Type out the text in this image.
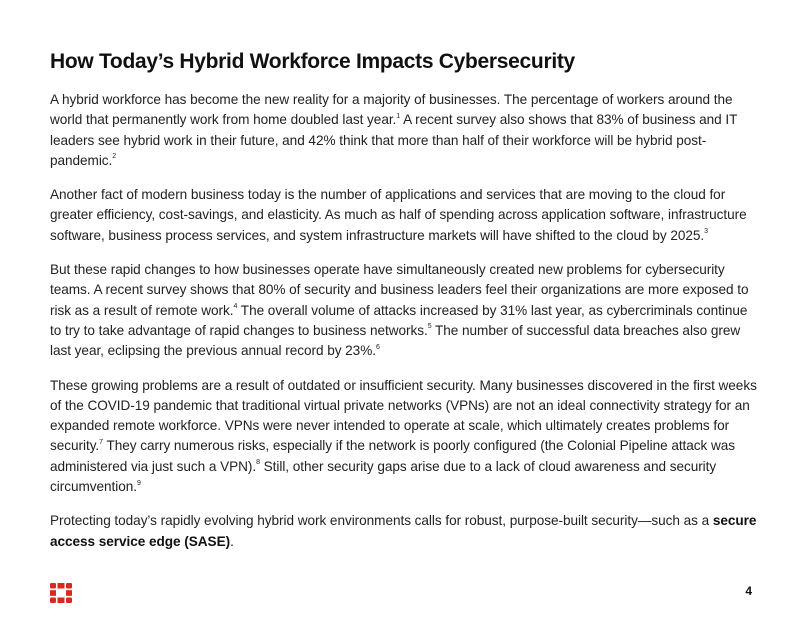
How Today’s Hybrid Workforce Impacts Cybersecurity

A hybrid workforce has become the new reality for a majority of businesses. The percentage of workers around the world that permanently work from home doubled last year.$^1$ A recent survey also shows that 83% of business and IT leaders see hybrid work in their future, and 42% think that more than half of their workforce will be hybrid post-pandemic.$^2$

Another fact of modern business today is the number of applications and services that are moving to the cloud for greater efficiency, cost-savings, and elasticity. As much as half of spending across application software, infrastructure software, business process services, and system infrastructure markets will have shifted to the cloud by 2025.$^3$

But these rapid changes to how businesses operate have simultaneously created new problems for cybersecurity teams. A recent survey shows that 80% of security and business leaders feel their organizations are more exposed to risk as a result of remote work.$^4$ The overall volume of attacks increased by 31% last year, as cybercriminals continue to try to take advantage of rapid changes to business networks.$^5$ The number of successful data breaches also grew last year, eclipsing the previous annual record by 23%.$^6$

These growing problems are a result of outdated or insufficient security. Many businesses discovered in the first weeks of the COVID-19 pandemic that traditional virtual private networks (VPNs) are not an ideal connectivity strategy for an expanded remote workforce. VPNs were never intended to operate at scale, which ultimately creates problems for security.$^7$ They carry numerous risks, especially if the network is poorly configured (the Colonial Pipeline attack was administered via just such a VPN).$^8$ Still, other security gaps arise due to a lack of cloud awareness and security circumvention.$^9$

Protecting today’s rapidly evolving hybrid work environments calls for robust, purpose-built security—such as a secure access service edge (SASE).

4
